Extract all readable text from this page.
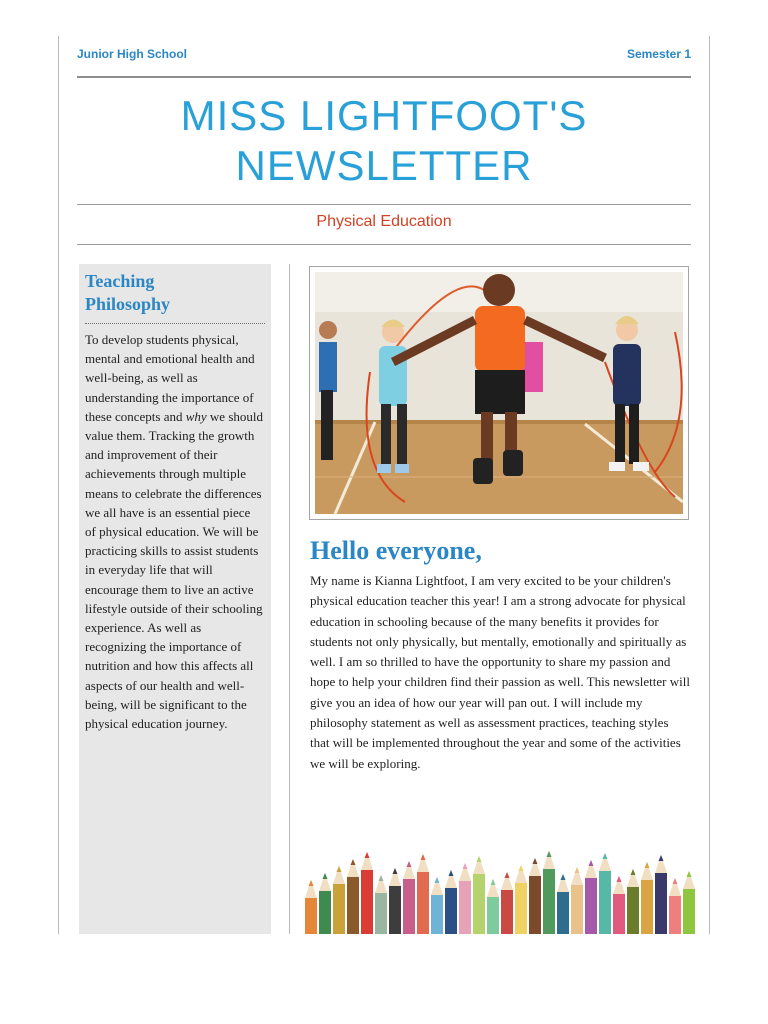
Junior High School	Semester 1
MISS LIGHTFOOT'S
NEWSLETTER
Physical Education
Teaching
Philosophy
To develop students physical, mental and emotional health and well-being, as well as understanding the importance of these concepts and why we should value them. Tracking the growth and improvement of their achievements through multiple means to celebrate the differences we all have is an essential piece of physical education. We will be practicing skills to assist students in everyday life that will encourage them to live an active lifestyle outside of their schooling experience. As well as recognizing the importance of nutrition and how this affects all aspects of our health and well-being, will be significant to the physical education journey.
Hello everyone,
My name is Kianna Lightfoot, I am very excited to be your children's physical education teacher this year! I am a strong advocate for physical education in schooling because of the many benefits it provides for students not only physically, but mentally, emotionally and spiritually as well. I am so thrilled to have the opportunity to share my passion and hope to help your children find their passion as well. This newsletter will give you an idea of how our year will pan out. I will include my philosophy statement as well as assessment practices, teaching styles that will be implemented throughout the year and some of the activities we will be exploring.
